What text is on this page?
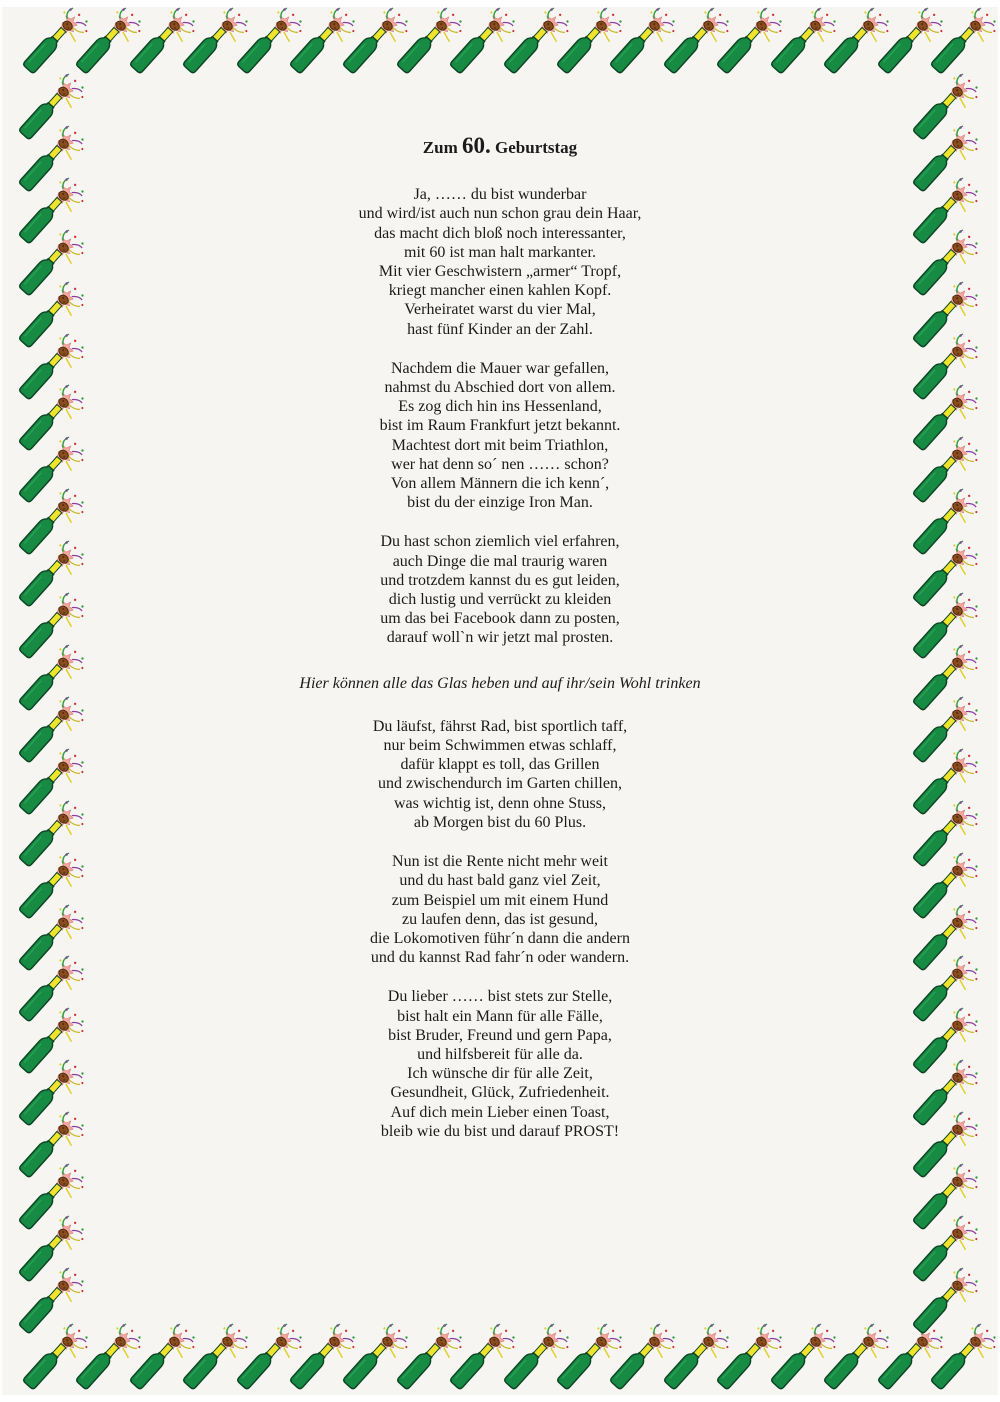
Zum 60. Geburtstag
Ja, …… du bist wunderbar
und wird/ist auch nun schon grau dein Haar,
das macht dich bloß noch interessanter,
mit 60 ist man halt markanter.
Mit vier Geschwistern „armer“ Tropf,
kriegt mancher einen kahlen Kopf.
Verheiratet warst du vier Mal,
hast fünf Kinder an der Zahl.
Nachdem die Mauer war gefallen,
nahmst du Abschied dort von allem.
Es zog dich hin ins Hessenland,
bist im Raum Frankfurt jetzt bekannt.
Machtest dort mit beim Triathlon,
wer hat denn so´ nen …… schon?
Von allem Männern die ich kenn´,
bist du der einzige Iron Man.
Du hast schon ziemlich viel erfahren,
auch Dinge die mal traurig waren
und trotzdem kannst du es gut leiden,
dich lustig und verrückt zu kleiden
um das bei Facebook dann zu posten,
darauf woll`n wir jetzt mal prosten.
Hier können alle das Glas heben und auf ihr/sein Wohl trinken
Du läufst, fährst Rad, bist sportlich taff,
nur beim Schwimmen etwas schlaff,
dafür klappt es toll, das Grillen
und zwischendurch im Garten chillen,
was wichtig ist, denn ohne Stuss,
ab Morgen bist du 60 Plus.
Nun ist die Rente nicht mehr weit
und du hast bald ganz viel Zeit,
zum Beispiel um mit einem Hund
zu laufen denn, das ist gesund,
die Lokomotiven führ´n dann die andern
und du kannst Rad fahr´n oder wandern.
Du lieber …… bist stets zur Stelle,
bist halt ein Mann für alle Fälle,
bist Bruder, Freund und gern Papa,
und hilfsbereit für alle da.
Ich wünsche dir für alle Zeit,
Gesundheit, Glück, Zufriedenheit.
Auf dich mein Lieber einen Toast,
bleib wie du bist und darauf PROST!
